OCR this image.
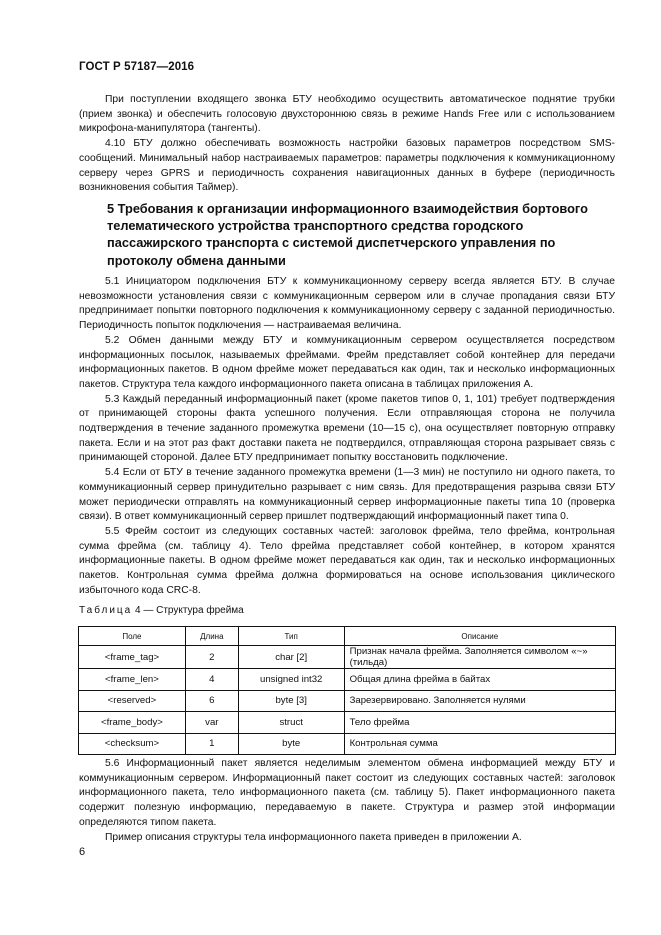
ГОСТ Р 57187—2016

При поступлении входящего звонка БТУ необходимо осуществить автоматическое поднятие трубки (прием звонка) и обеспечить голосовую двухстороннюю связь в режиме Hands Free или с использованием микрофона-манипулятора (тангенты).

4.10 БТУ должно обеспечивать возможность настройки базовых параметров посредством SMS-сообщений. Минимальный набор настраиваемых параметров: параметры подключения к коммуникационному серверу через GPRS и периодичность сохранения навигационных данных в буфере (периодичность возникновения события Таймер).

5 Требования к организации информационного взаимодействия бортового телематического устройства транспортного средства городского пассажирского транспорта с системой диспетчерского управления по протоколу обмена данными

5.1 Инициатором подключения БТУ к коммуникационному серверу всегда является БТУ. В случае невозможности установления связи с коммуникационным сервером или в случае пропадания связи БТУ предпринимает попытки повторного подключения к коммуникационному серверу с заданной периодичностью. Периодичность попыток подключения — настраиваемая величина.

5.2 Обмен данными между БТУ и коммуникационным сервером осуществляется посредством информационных посылок, называемых фреймами. Фрейм представляет собой контейнер для передачи информационных пакетов. В одном фрейме может передаваться как один, так и несколько информационных пакетов. Структура тела каждого информационного пакета описана в таблицах приложения А.

5.3 Каждый переданный информационный пакет (кроме пакетов типов 0, 1, 101) требует подтверждения от принимающей стороны факта успешного получения. Если отправляющая сторона не получила подтверждения в течение заданного промежутка времени (10—15 с), она осуществляет повторную отправку пакета. Если и на этот раз факт доставки пакета не подтвердился, отправляющая сторона разрывает связь с принимающей стороной. Далее БТУ предпринимает попытку восстановить подключение.

5.4 Если от БТУ в течение заданного промежутка времени (1—3 мин) не поступило ни одного пакета, то коммуникационный сервер принудительно разрывает с ним связь. Для предотвращения разрыва связи БТУ может периодически отправлять на коммуникационный сервер информационные пакеты типа 10 (проверка связи). В ответ коммуникационный сервер пришлет подтверждающий информационный пакет типа 0.

5.5 Фрейм состоит из следующих составных частей: заголовок фрейма, тело фрейма, контрольная сумма фрейма (см. таблицу 4). Тело фрейма представляет собой контейнер, в котором хранятся информационные пакеты. В одном фрейме может передаваться как один, так и несколько информационных пакетов. Контрольная сумма фрейма должна формироваться на основе использования циклического избыточного кода CRC-8.

Таблица 4 — Структура фрейма
Поле	Длина	Тип	Описание
<frame_tag>	2	char [2]	Признак начала фрейма. Заполняется символом «~» (тильда)
<frame_len>	4	unsigned int32	Общая длина фрейма в байтах
<reserved>	6	byte [3]	Зарезервировано. Заполняется нулями
<frame_body>	var	struct	Тело фрейма
<checksum>	1	byte	Контрольная сумма

5.6 Информационный пакет является неделимым элементом обмена информацией между БТУ и коммуникационным сервером. Информационный пакет состоит из следующих составных частей: заголовок информационного пакета, тело информационного пакета (см. таблицу 5). Пакет информационного пакета содержит полезную информацию, передаваемую в пакете. Структура и размер этой информации определяются типом пакета.

Пример описания структуры тела информационного пакета приведен в приложении А.

6
